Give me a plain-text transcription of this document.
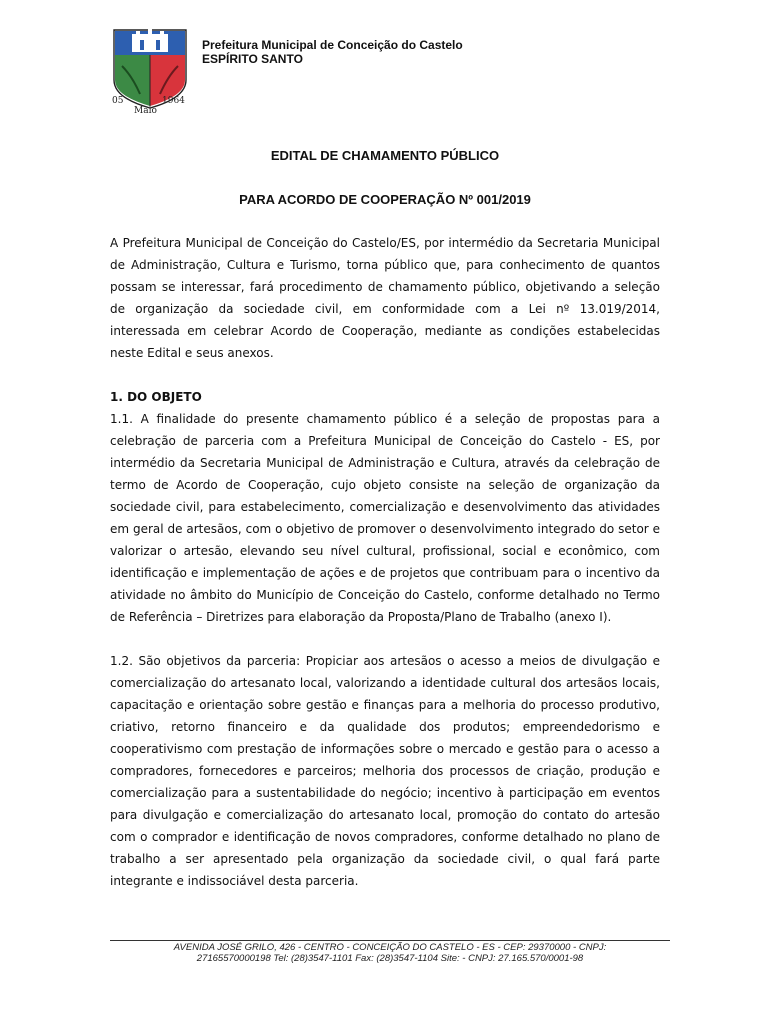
05
Maio
1964
Prefeitura Municipal de Conceição do Castelo
ESPÍRITO SANTO
EDITAL DE CHAMAMENTO PÚBLICO
PARA ACORDO DE COOPERAÇÃO Nº 001/2019

A Prefeitura Municipal de Conceição do Castelo/ES, por intermédio da Secretaria Municipal de Administração, Cultura e Turismo, torna público que, para conhecimento de quantos possam se interessar, fará procedimento de chamamento público, objetivando a seleção de organização da sociedade civil, em conformidade com a Lei nº 13.019/2014, interessada em celebrar Acordo de Cooperação, mediante as condições estabelecidas neste Edital e seus anexos.

1. DO OBJETO

1.1. A finalidade do presente chamamento público é a seleção de propostas para a celebração de parceria com a Prefeitura Municipal de Conceição do Castelo - ES, por intermédio da Secretaria Municipal de Administração e Cultura, através da celebração de termo de Acordo de Cooperação, cujo objeto consiste na seleção de organização da sociedade civil, para estabelecimento, comercialização e desenvolvimento das atividades em geral de artesãos, com o objetivo de promover o desenvolvimento integrado do setor e valorizar o artesão, elevando seu nível cultural, profissional, social e econômico, com identificação e implementação de ações e de projetos que contribuam para o incentivo da atividade no âmbito do Município de Conceição do Castelo, conforme detalhado no Termo de Referência – Diretrizes para elaboração da Proposta/Plano de Trabalho (anexo I).

1.2. São objetivos da parceria: Propiciar aos artesãos o acesso a meios de divulgação e comercialização do artesanato local, valorizando a identidade cultural dos artesãos locais, capacitação e orientação sobre gestão e finanças para a melhoria do processo produtivo, criativo, retorno financeiro e da qualidade dos produtos; empreendedorismo e cooperativismo com prestação de informações sobre o mercado e gestão para o acesso a compradores, fornecedores e parceiros; melhoria dos processos de criação, produção e comercialização para a sustentabilidade do negócio; incentivo à participação em eventos para divulgação e comercialização do artesanato local, promoção do contato do artesão com o comprador e identificação de novos compradores, conforme detalhado no plano de trabalho a ser apresentado pela organização da sociedade civil, o qual fará parte integrante e indissociável desta parceria.

AVENIDA JOSÉ GRILO, 426 - CENTRO - CONCEIÇÃO DO CASTELO - ES - CEP: 29370000 - CNPJ:
27165570000198 Tel: (28)3547-1101 Fax: (28)3547-1104 Site: - CNPJ: 27.165.570/0001-98
